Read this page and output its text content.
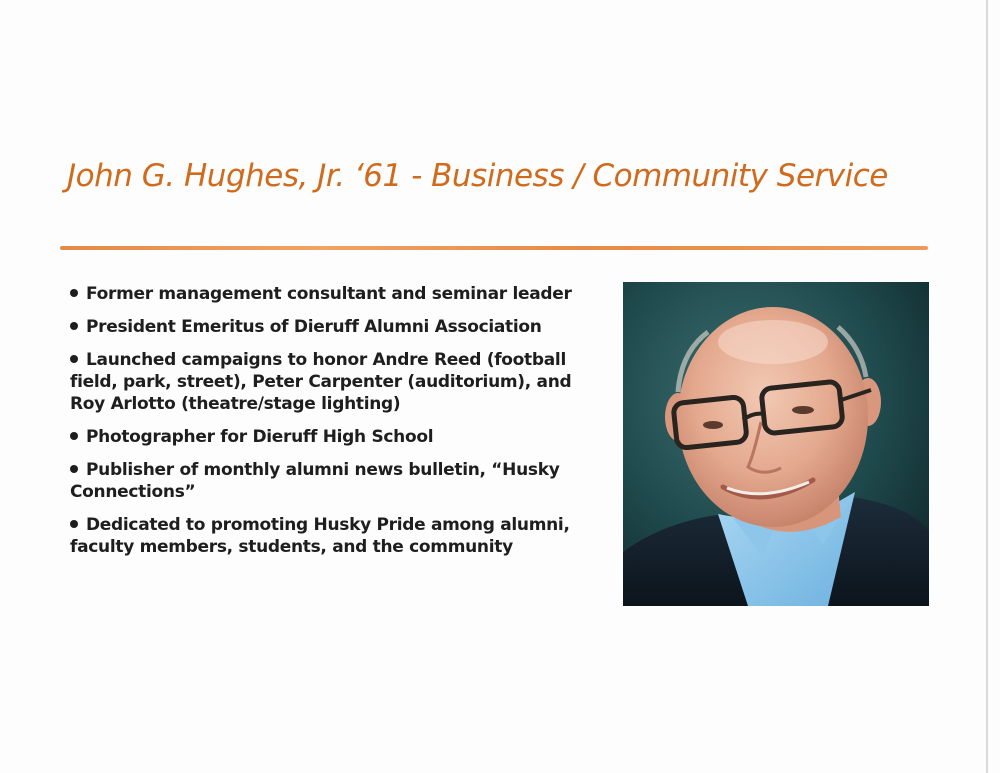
John G. Hughes, Jr. ‘61 - Business / Community Service
Former management consultant and seminar leader
President Emeritus of Dieruff Alumni Association
Launched campaigns to honor Andre Reed (football field, park, street), Peter Carpenter (auditorium), and Roy Arlotto (theatre/stage lighting)
Photographer for Dieruff High School
Publisher of monthly alumni news bulletin, “Husky Connections”
Dedicated to promoting Husky Pride among alumni, faculty members, students, and the community
